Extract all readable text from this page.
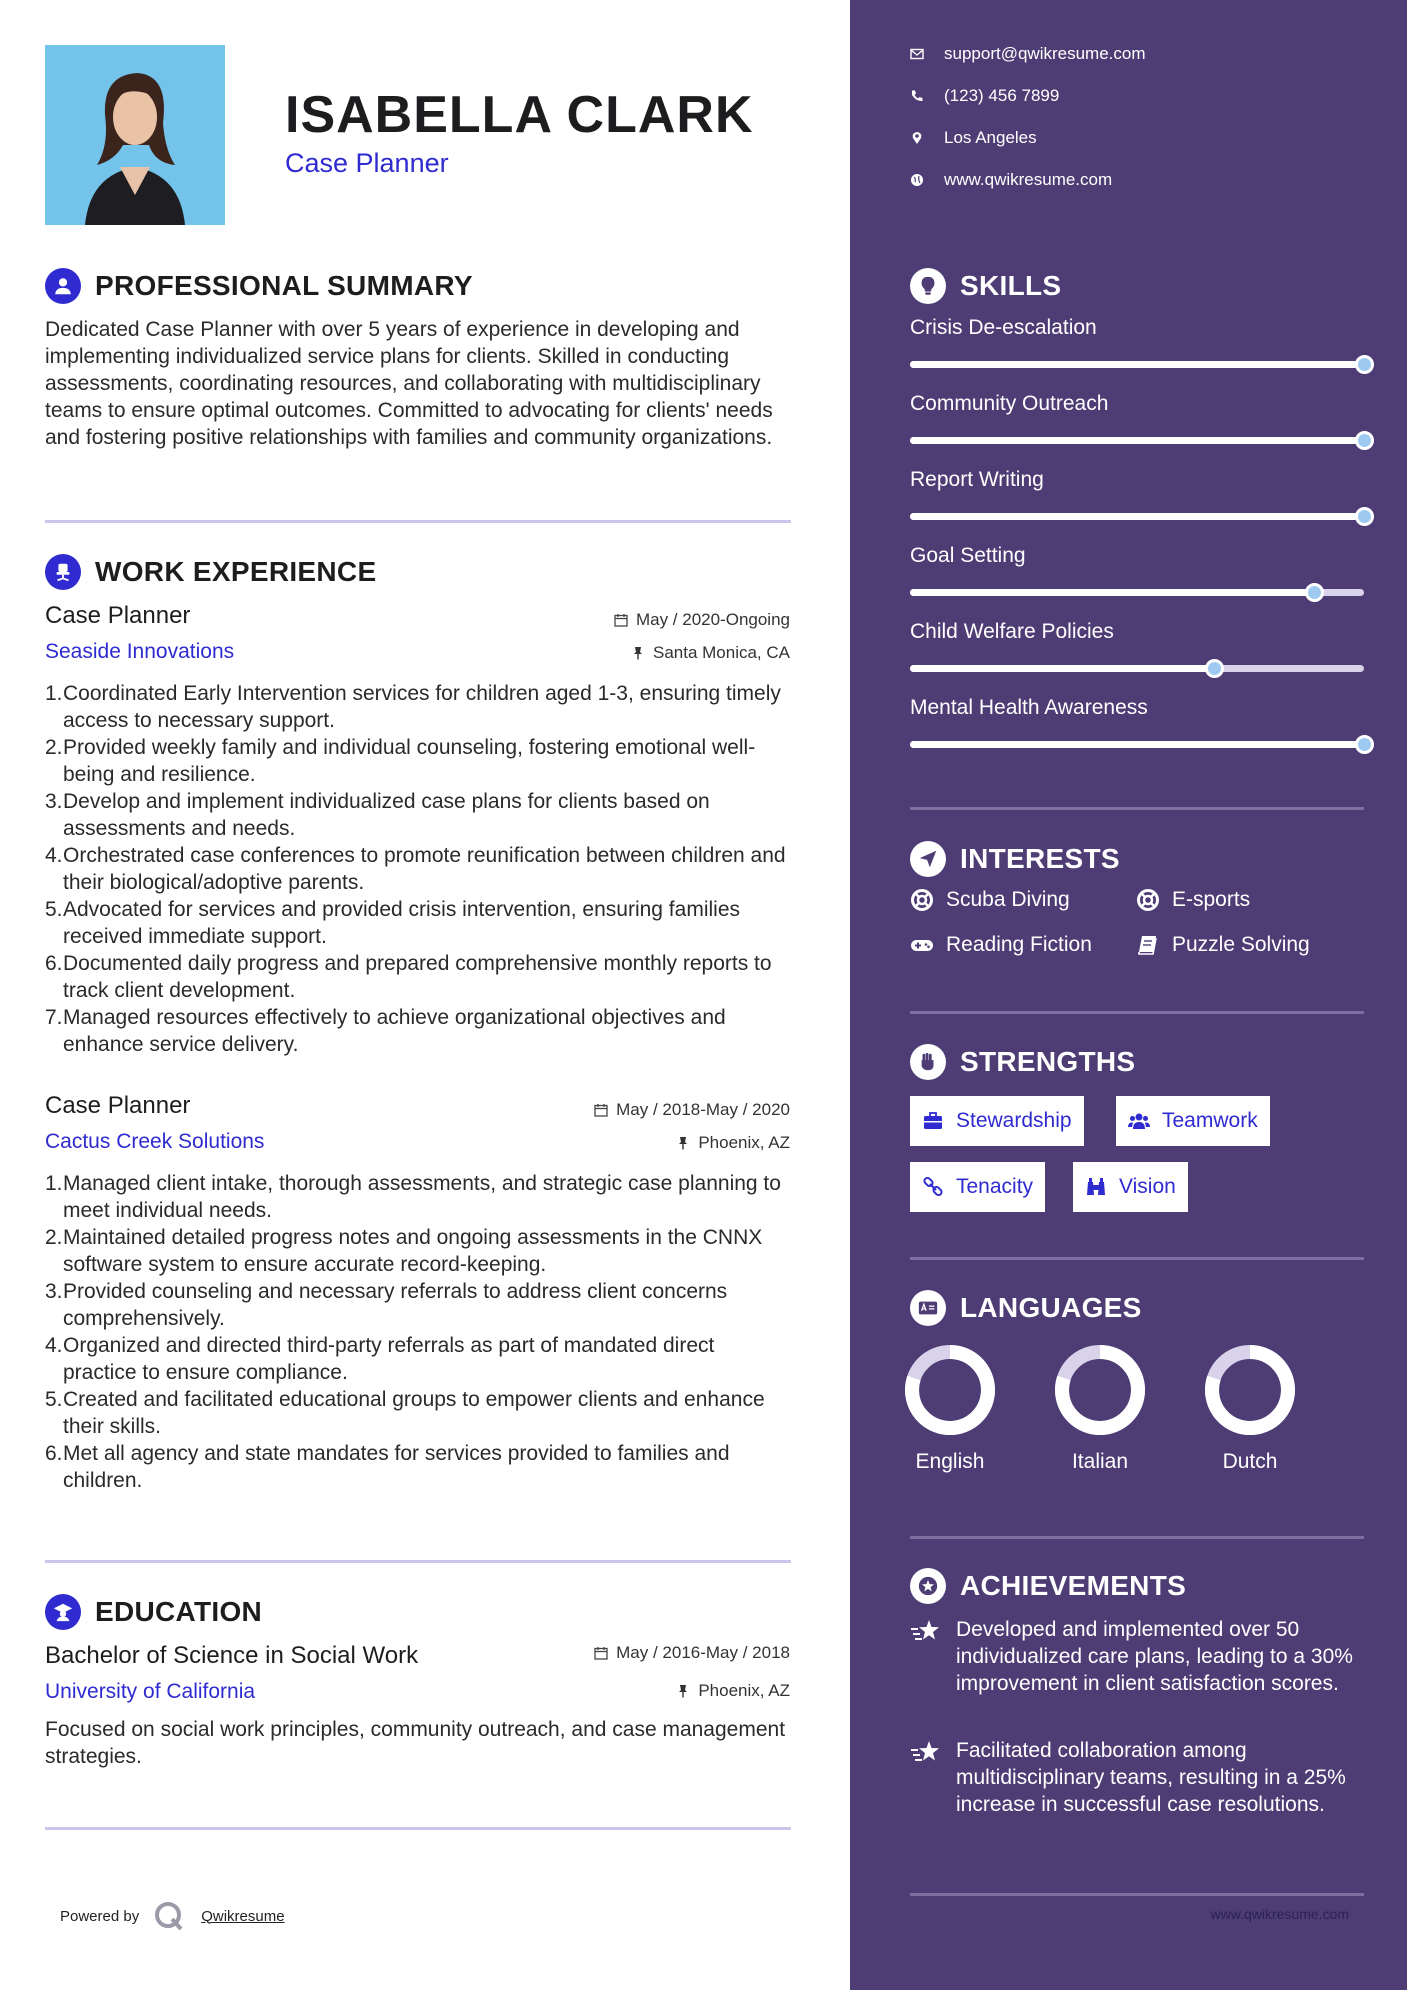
ISABELLA CLARK
Case Planner
PROFESSIONAL SUMMARY
Dedicated Case Planner with over 5 years of experience in developing and implementing individualized service plans for clients. Skilled in conducting assessments, coordinating resources, and collaborating with multidisciplinary teams to ensure optimal outcomes. Committed to advocating for clients' needs and fostering positive relationships with families and community organizations.
WORK EXPERIENCE
Case Planner	May / 2020-Ongoing
Seaside Innovations	Santa Monica, CA
1. Coordinated Early Intervention services for children aged 1-3, ensuring timely access to necessary support.
2. Provided weekly family and individual counseling, fostering emotional well-being and resilience.
3. Develop and implement individualized case plans for clients based on assessments and needs.
4. Orchestrated case conferences to promote reunification between children and their biological/adoptive parents.
5. Advocated for services and provided crisis intervention, ensuring families received immediate support.
6. Documented daily progress and prepared comprehensive monthly reports to track client development.
7. Managed resources effectively to achieve organizational objectives and enhance service delivery.
Case Planner	May / 2018-May / 2020
Cactus Creek Solutions	Phoenix, AZ
1. Managed client intake, thorough assessments, and strategic case planning to meet individual needs.
2. Maintained detailed progress notes and ongoing assessments in the CNNX software system to ensure accurate record-keeping.
3. Provided counseling and necessary referrals to address client concerns comprehensively.
4. Organized and directed third-party referrals as part of mandated direct practice to ensure compliance.
5. Created and facilitated educational groups to empower clients and enhance their skills.
6. Met all agency and state mandates for services provided to families and children.
EDUCATION
Bachelor of Science in Social Work	May / 2016-May / 2018
University of California	Phoenix, AZ
Focused on social work principles, community outreach, and case management strategies.
Powered by	Qwikresume
support@qwikresume.com
(123) 456 7899
Los Angeles
www.qwikresume.com
SKILLS
Crisis De-escalation
Community Outreach
Report Writing
Goal Setting
Child Welfare Policies
Mental Health Awareness
INTERESTS
Scuba Diving	E-sports
Reading Fiction	Puzzle Solving
STRENGTHS
Stewardship	Teamwork
Tenacity	Vision
LANGUAGES
English	Italian	Dutch
ACHIEVEMENTS
Developed and implemented over 50 individualized care plans, leading to a 30% improvement in client satisfaction scores.
Facilitated collaboration among multidisciplinary teams, resulting in a 25% increase in successful case resolutions.
www.qwikresume.com
